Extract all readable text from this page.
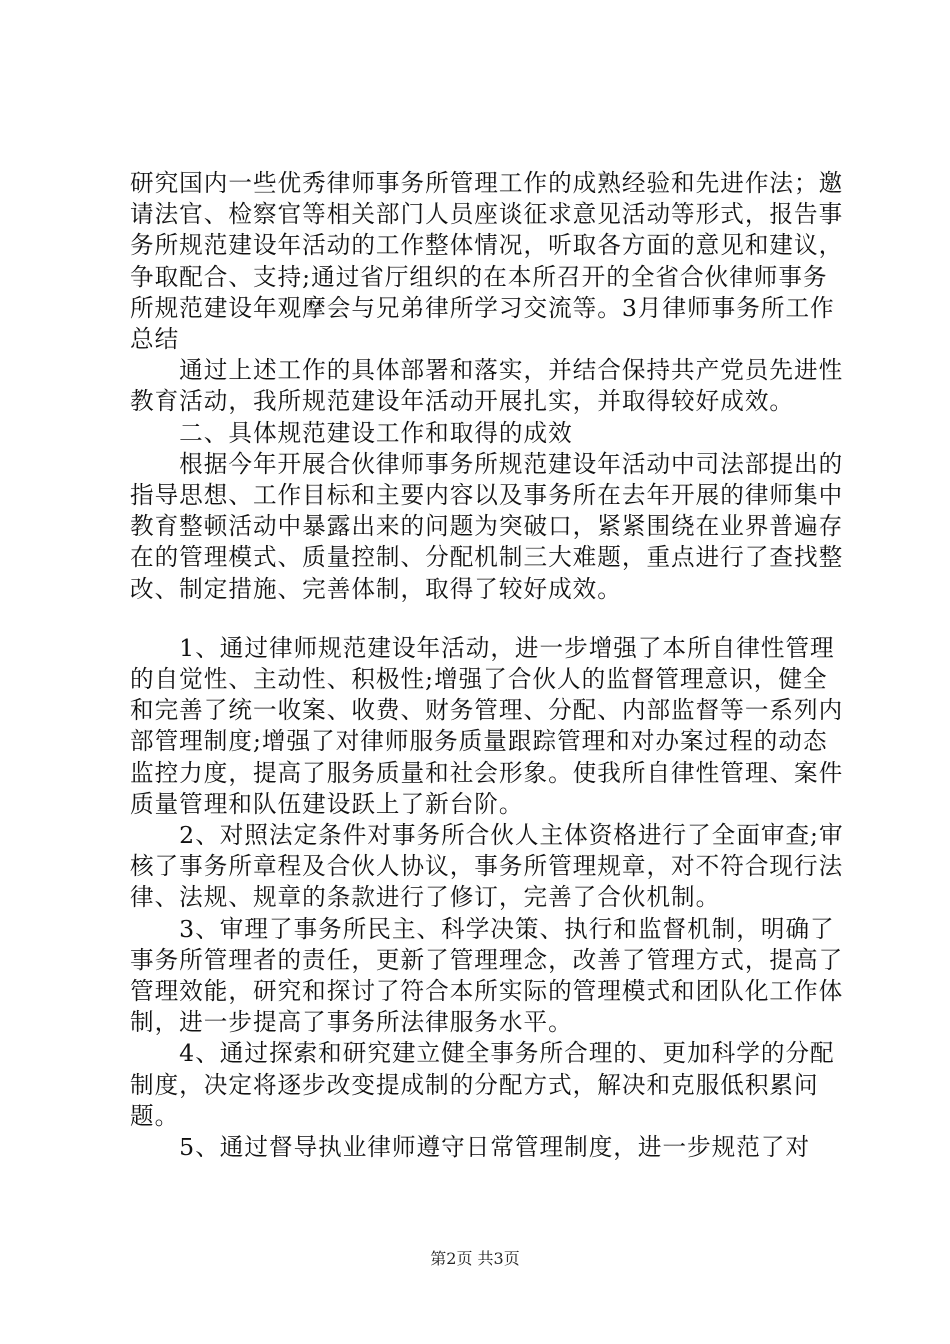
研究国内一些优秀律师事务所管理工作的成熟经验和先进作法；邀请法官、检察官等相关部门人员座谈征求意见活动等形式，报告事务所规范建设年活动的工作整体情况，听取各方面的意见和建议，争取配合、支持;通过省厅组织的在本所召开的全省合伙律师事务所规范建设年观摩会与兄弟律所学习交流等。3月律师事务所工作总结

　　通过上述工作的具体部署和落实，并结合保持共产党员先进性教育活动，我所规范建设年活动开展扎实，并取得较好成效。

　　二、具体规范建设工作和取得的成效

　　根据今年开展合伙律师事务所规范建设年活动中司法部提出的指导思想、工作目标和主要内容以及事务所在去年开展的律师集中教育整顿活动中暴露出来的问题为突破口，紧紧围绕在业界普遍存在的管理模式、质量控制、分配机制三大难题，重点进行了查找整改、制定措施、完善体制，取得了较好成效。

　　1、通过律师规范建设年活动，进一步增强了本所自律性管理的自觉性、主动性、积极性;增强了合伙人的监督管理意识，健全和完善了统一收案、收费、财务管理、分配、内部监督等一系列内部管理制度;增强了对律师服务质量跟踪管理和对办案过程的动态监控力度，提高了服务质量和社会形象。使我所自律性管理、案件质量管理和队伍建设跃上了新台阶。

　　2、对照法定条件对事务所合伙人主体资格进行了全面审查;审核了事务所章程及合伙人协议，事务所管理规章，对不符合现行法律、法规、规章的条款进行了修订，完善了合伙机制。

　　3、审理了事务所民主、科学决策、执行和监督机制，明确了事务所管理者的责任，更新了管理理念，改善了管理方式，提高了管理效能，研究和探讨了符合本所实际的管理模式和团队化工作体制，进一步提高了事务所法律服务水平。

　　4、通过探索和研究建立健全事务所合理的、更加科学的分配制度，决定将逐步改变提成制的分配方式，解决和克服低积累问题。

　　5、通过督导执业律师遵守日常管理制度，进一步规范了对

第2页 共3页
